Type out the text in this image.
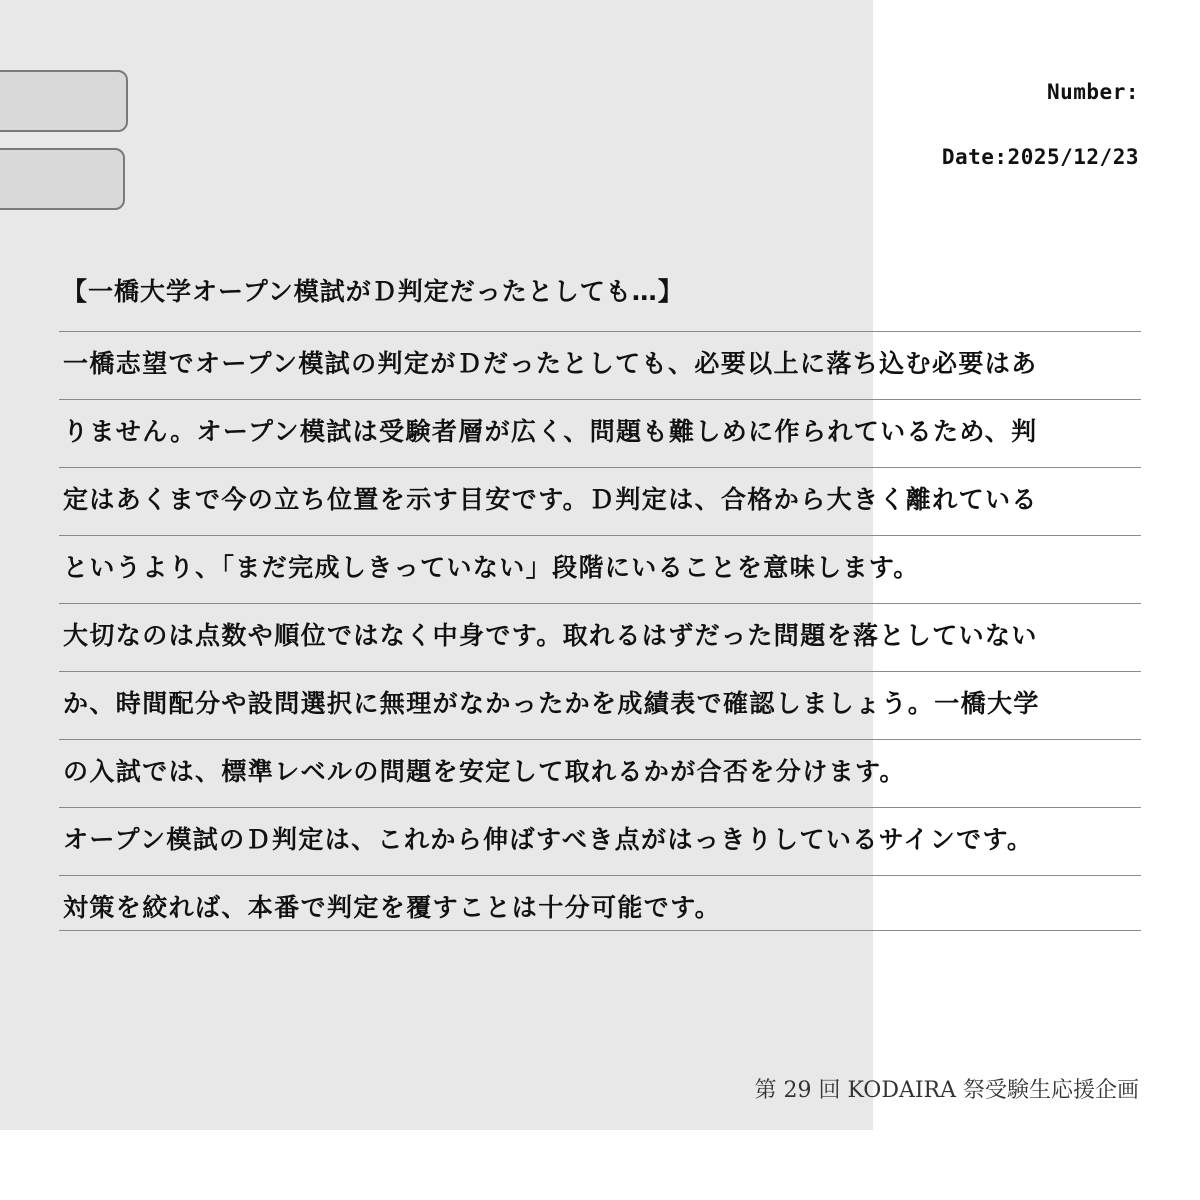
Number:
Date:2025/12/23
【一橋大学オープン模試がＤ判定だったとしても…】
一橋志望でオープン模試の判定がＤだったとしても、必要以上に落ち込む必要はあ
りません。オープン模試は受験者層が広く、問題も難しめに作られているため、判
定はあくまで今の立ち位置を示す目安です。Ｄ判定は、合格から大きく離れている
というより、「まだ完成しきっていない」段階にいることを意味します。
大切なのは点数や順位ではなく中身です。取れるはずだった問題を落としていない
か、時間配分や設問選択に無理がなかったかを成績表で確認しましょう。一橋大学
の入試では、標準レベルの問題を安定して取れるかが合否を分けます。
オープン模試のＤ判定は、これから伸ばすべき点がはっきりしているサインです。
対策を絞れば、本番で判定を覆すことは十分可能です。
第 29 回 KODAIRA 祭受験生応援企画
